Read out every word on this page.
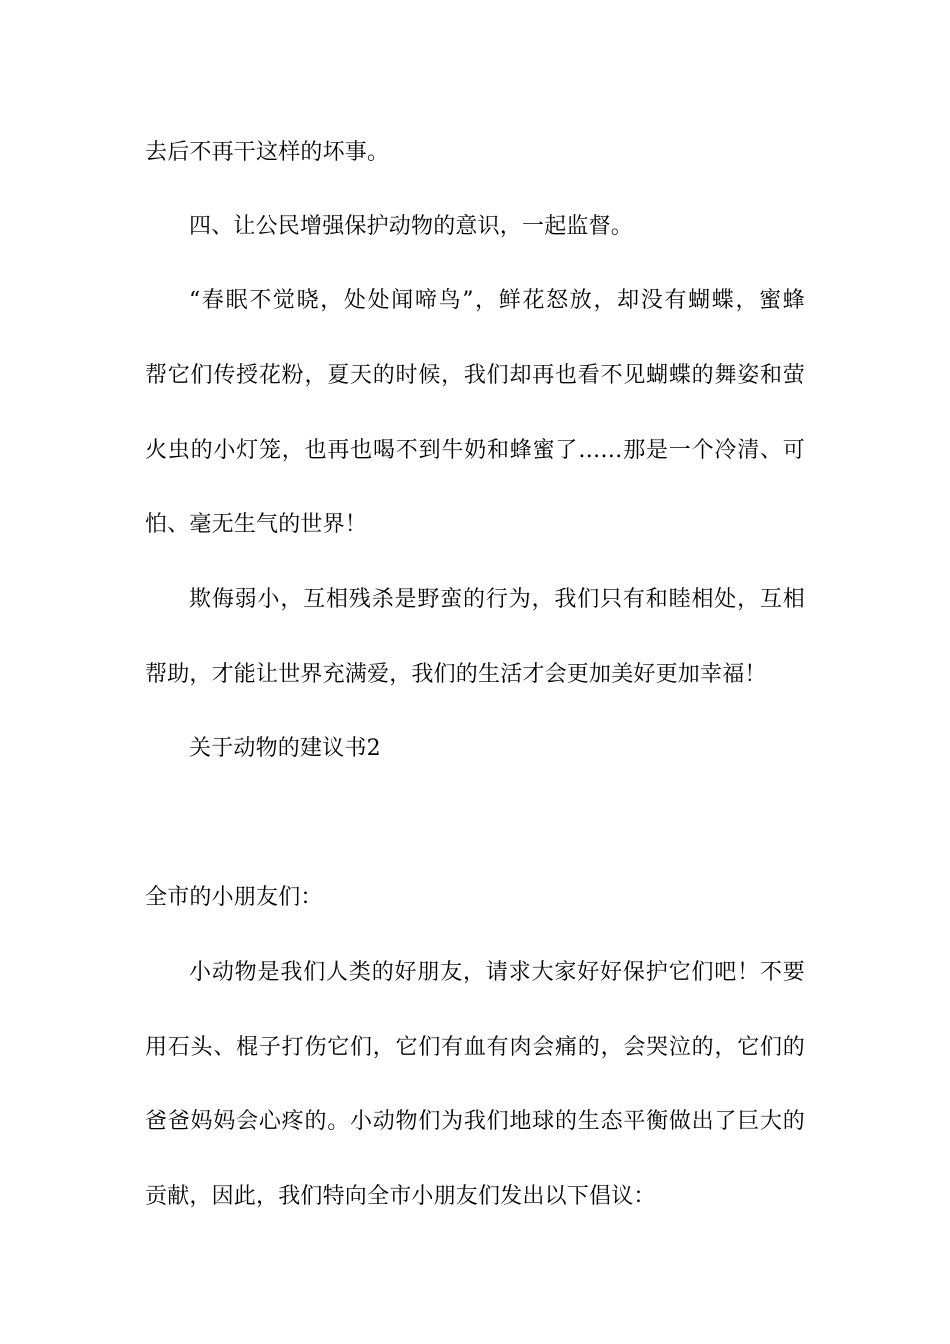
去后不再干这样的坏事。
四、让公民增强保护动物的意识，一起监督。
“春眠不觉晓，处处闻啼鸟”，鲜花怒放，却没有蝴蝶，蜜蜂
帮它们传授花粉，夏天的时候，我们却再也看不见蝴蝶的舞姿和萤
火虫的小灯笼，也再也喝不到牛奶和蜂蜜了……那是一个冷清、可
怕、毫无生气的世界！
欺侮弱小，互相残杀是野蛮的行为，我们只有和睦相处，互相
帮助，才能让世界充满爱，我们的生活才会更加美好更加幸福！
关于动物的建议书2
全市的小朋友们：
小动物是我们人类的好朋友，请求大家好好保护它们吧！不要
用石头、棍子打伤它们，它们有血有肉会痛的，会哭泣的，它们的
爸爸妈妈会心疼的。小动物们为我们地球的生态平衡做出了巨大的
贡献，因此，我们特向全市小朋友们发出以下倡议：
